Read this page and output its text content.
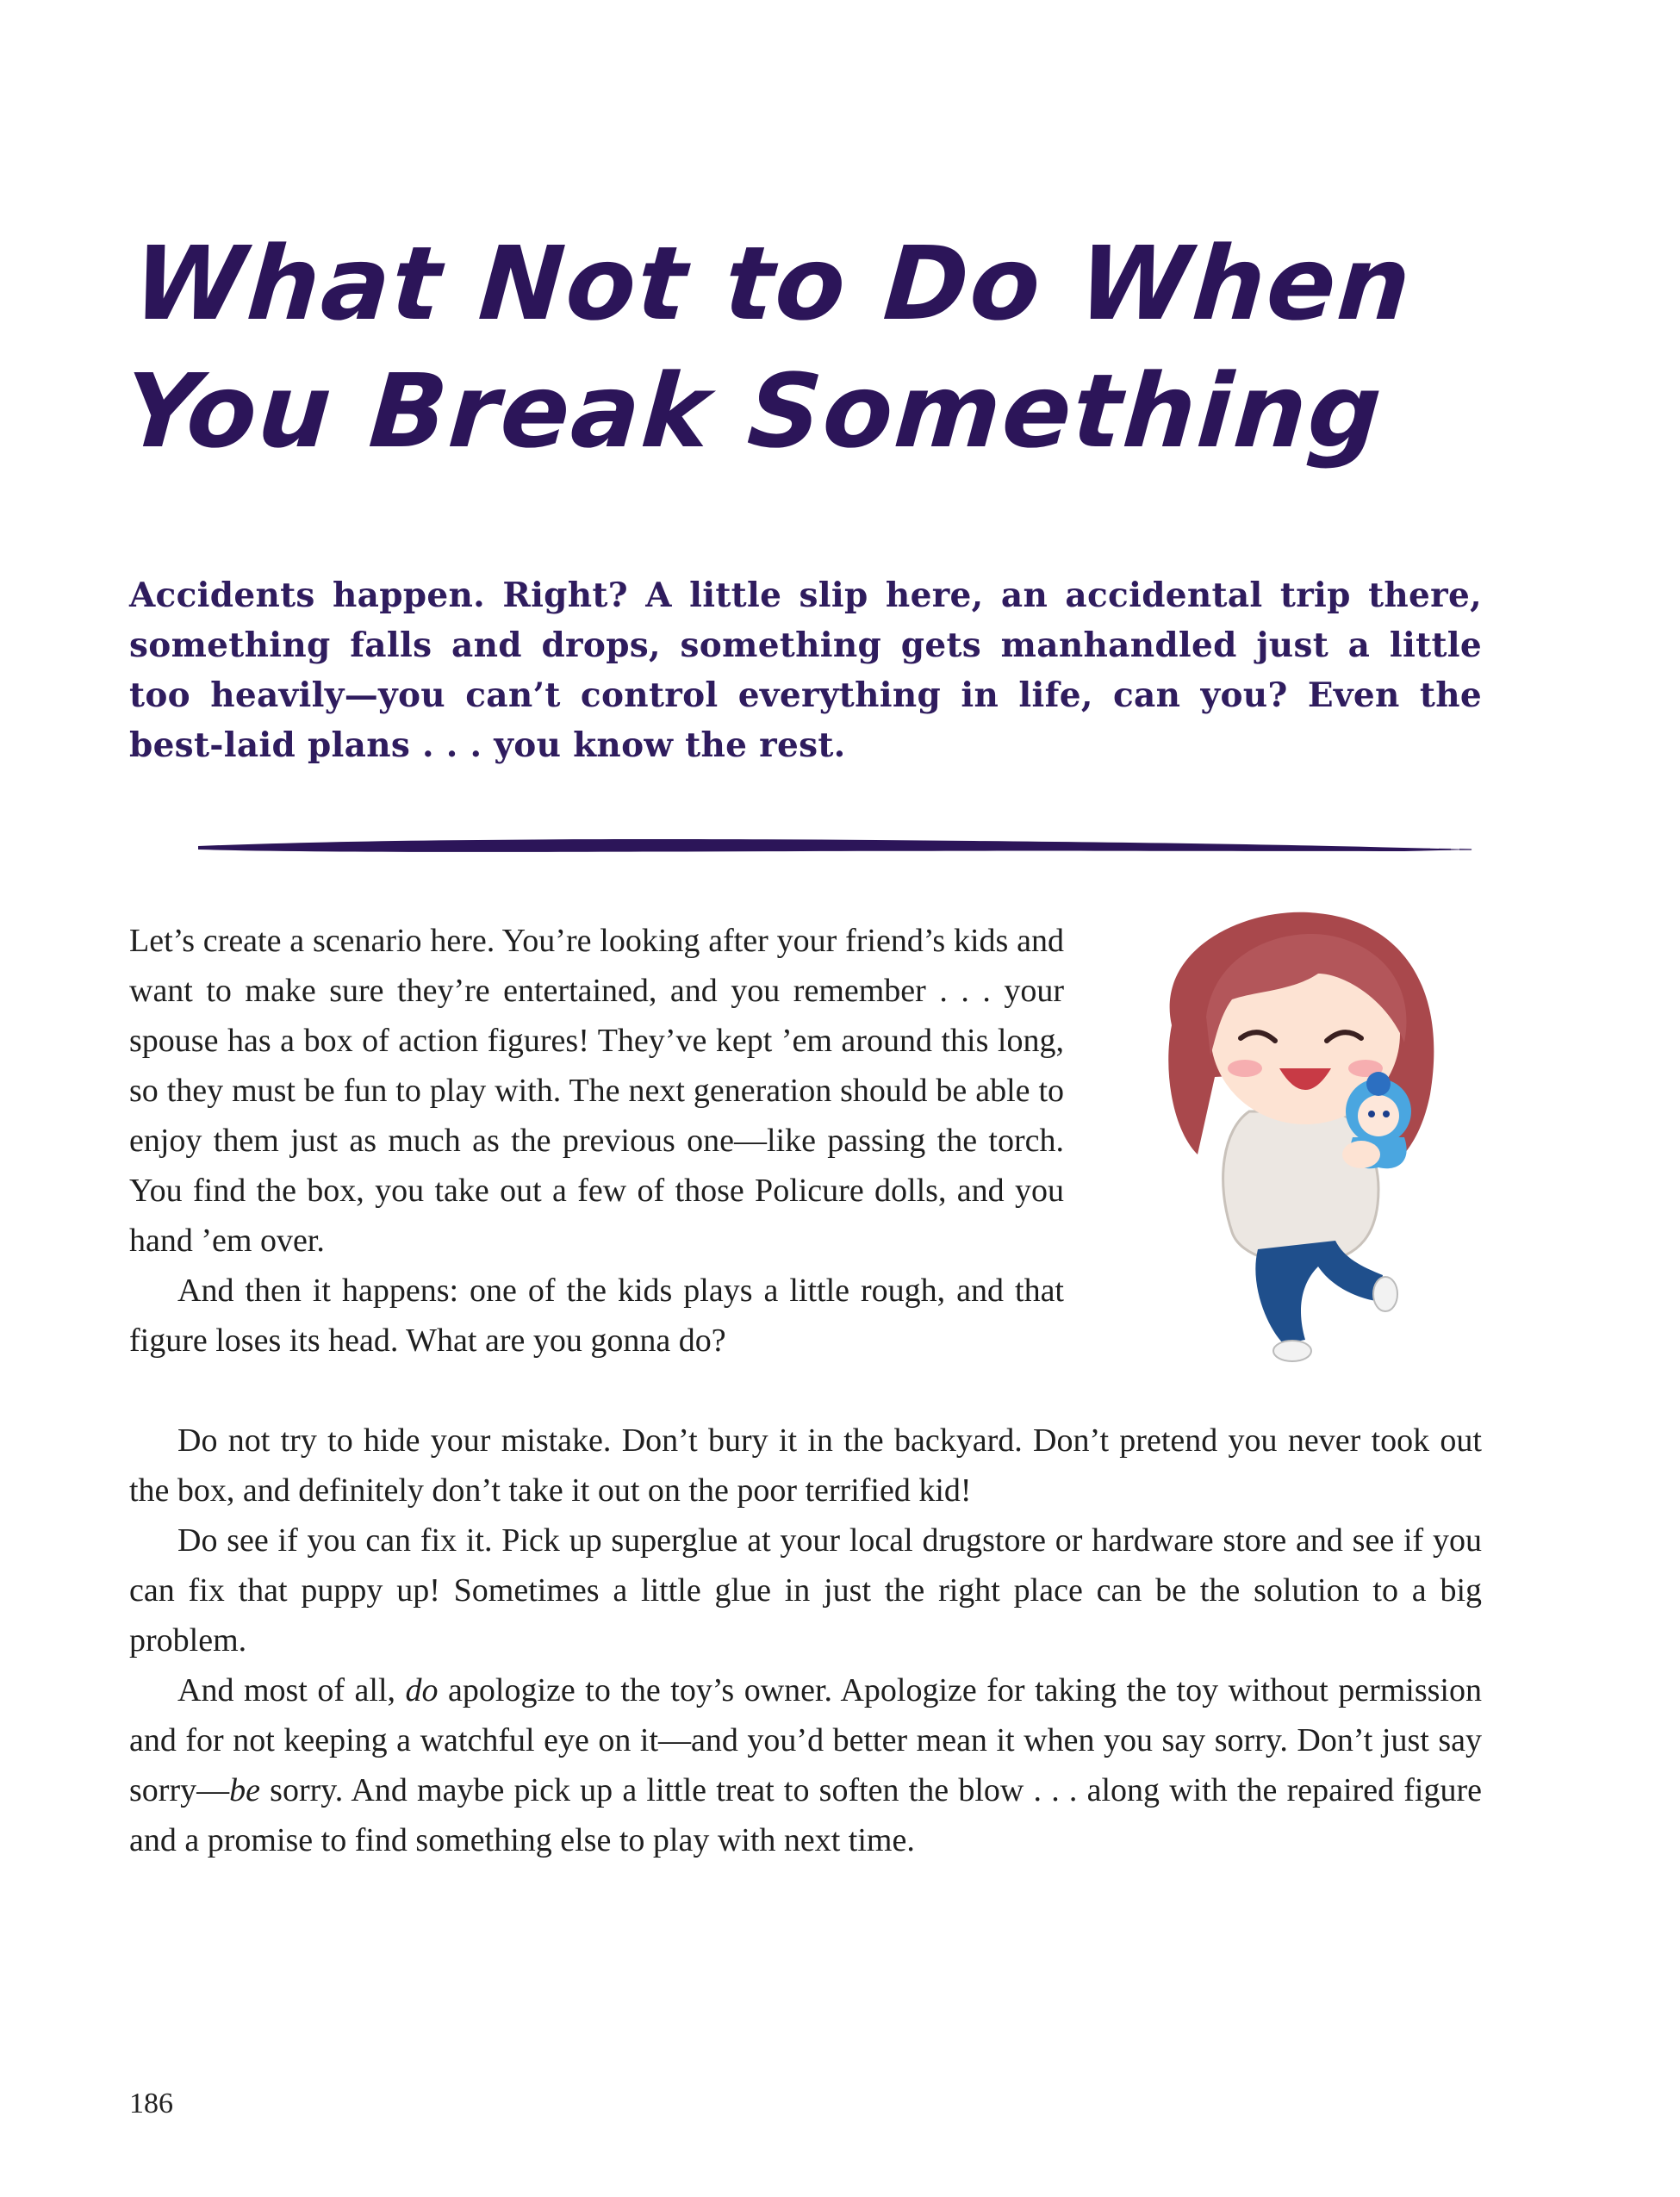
What Not to Do When
You Break Something

Accidents happen. Right? A little slip here, an accidental trip there, something falls and drops, something gets manhandled just a little too heavily—you can’t control everything in life, can you? Even the best-laid plans . . . you know the rest.

Let’s create a scenario here. You’re looking after your friend’s kids and want to make sure they’re entertained, and you remember . . . your spouse has a box of action figures! They’ve kept ’em around this long, so they must be fun to play with. The next generation should be able to enjoy them just as much as the previous one—like passing the torch. You find the box, you take out a few of those Policure dolls, and you hand ’em over.

And then it happens: one of the kids plays a little rough, and that figure loses its head. What are you gonna do?

Do not try to hide your mistake. Don’t bury it in the backyard. Don’t pretend you never took out the box, and definitely don’t take it out on the poor terrified kid!

Do see if you can fix it. Pick up superglue at your local drugstore or hardware store and see if you can fix that puppy up! Sometimes a little glue in just the right place can be the solution to a big problem.

And most of all, do apologize to the toy’s owner. Apologize for taking the toy without permission and for not keeping a watchful eye on it—and you’d better mean it when you say sorry. Don’t just say sorry—be sorry. And maybe pick up a little treat to soften the blow . . . along with the repaired figure and a promise to find something else to play with next time.

186
